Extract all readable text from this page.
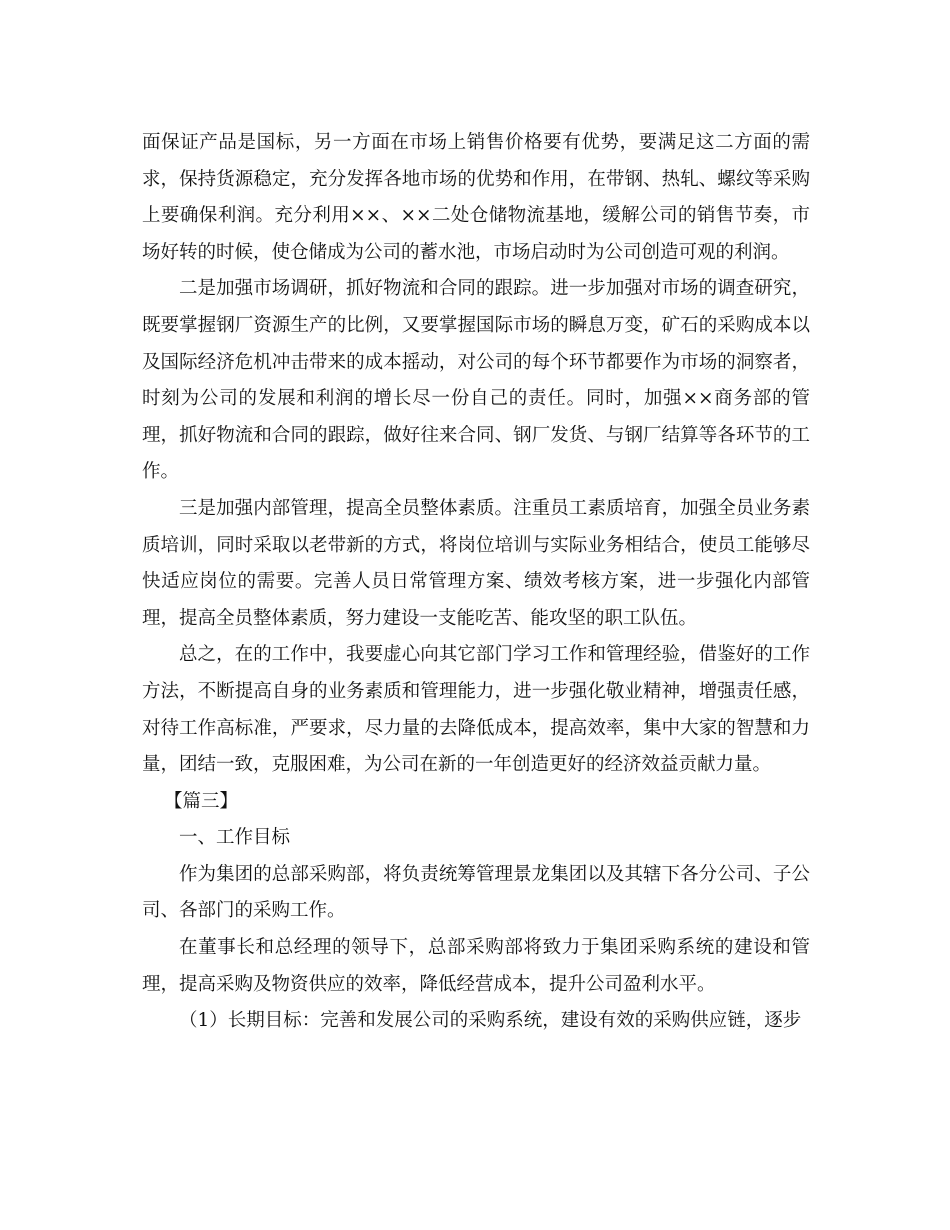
面保证产品是国标，另一方面在市场上销售价格要有优势，要满足这二方面的需求，保持货源稳定，充分发挥各地市场的优势和作用，在带钢、热轧、螺纹等采购上要确保利润。充分利用××、××二处仓储物流基地，缓解公司的销售节奏，市场好转的时候，使仓储成为公司的蓄水池，市场启动时为公司创造可观的利润。

二是加强市场调研，抓好物流和合同的跟踪。进一步加强对市场的调查研究，既要掌握钢厂资源生产的比例，又要掌握国际市场的瞬息万变，矿石的采购成本以及国际经济危机冲击带来的成本摇动，对公司的每个环节都要作为市场的洞察者，时刻为公司的发展和利润的增长尽一份自己的责任。同时，加强××商务部的管理，抓好物流和合同的跟踪，做好往来合同、钢厂发货、与钢厂结算等各环节的工作。

三是加强内部管理，提高全员整体素质。注重员工素质培育，加强全员业务素质培训，同时采取以老带新的方式，将岗位培训与实际业务相结合，使员工能够尽快适应岗位的需要。完善人员日常管理方案、绩效考核方案，进一步强化内部管理，提高全员整体素质，努力建设一支能吃苦、能攻坚的职工队伍。

总之，在的工作中，我要虚心向其它部门学习工作和管理经验，借鉴好的工作方法，不断提高自身的业务素质和管理能力，进一步强化敬业精神，增强责任感，对待工作高标准，严要求，尽力量的去降低成本，提高效率，集中大家的智慧和力量，团结一致，克服困难，为公司在新的一年创造更好的经济效益贡献力量。

【篇三】

一、工作目标

作为集团的总部采购部，将负责统筹管理景龙集团以及其辖下各分公司、子公司、各部门的采购工作。

在董事长和总经理的领导下，总部采购部将致力于集团采购系统的建设和管理，提高采购及物资供应的效率，降低经营成本，提升公司盈利水平。

（1）长期目标：完善和发展公司的采购系统，建设有效的采购供应链，逐步
